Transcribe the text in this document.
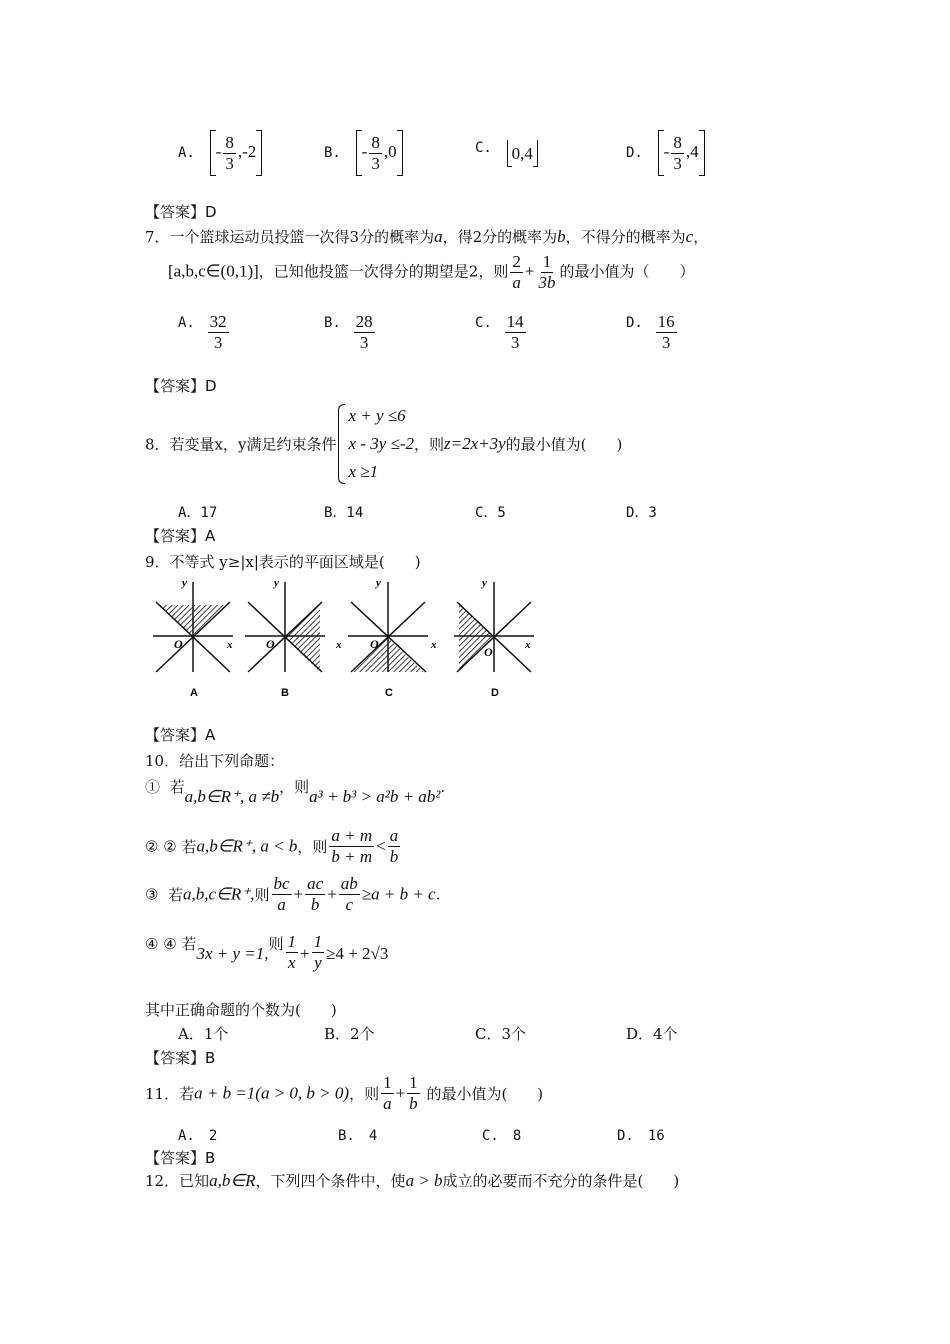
A. - $\frac{8}{3} ,-2$	B. - $\frac{8}{3} ,0$	C. 0,4	D. - $\frac{8}{3} ,4$
【答案】D
7．一个篮球运动员投篮一次得3分的概率为a，得2分的概率为b，不得分的概率为c，
[a,b,c∈(0,1)]，已知他投篮一次得分的期望是2，则 $\frac{2}{a} + \frac{1}{3b}$ 的最小值为（　　）
A. $\frac{32}{3}$	B. $\frac{28}{3}$	C. $\frac{14}{3}$	D. $\frac{16}{3}$
【答案】D
8．若变量x，y满足约束条件
x + y ≤6
x - 3y ≤-2
x ≥1
，则z=2x+3y的最小值为(　　)
A．17	B．14	C．5	D．3
【答案】A
9．不等式 y≥|x|表示的平面区域是(　　)
y
x
O
A
y
x
O
B
y
x
O
C
y
x
O
D
【答案】A
10．给出下列命题：
① 若a,b∈R⁺, a ≠b，则a³ + b³ > a²b + ab².
② ② 若a,b∈R⁺, a < b，则 $\frac{a + m}{b + m} < \frac{a}{b}$
③ 若a,b,c∈R⁺,则 $\frac{bc}{a} + \frac{ac}{b} + \frac{ab}{c} \ge a + b + c$.
④ ④ 若3x + y =1,则 $\frac{1}{x} + \frac{1}{y} \ge 4 + 2√3$
其中正确命题的个数为(　　)
A．1个	B．2个	C．3个	D．4个
【答案】B
11．若a + b =1(a > 0, b > 0)，则 $\frac{1}{a} + \frac{1}{b}$ 的最小值为(　　)
A.　2	B.　4	C.　8	D.　16
【答案】B
12．已知a,b∈R，下列四个条件中，使a > b成立的必要而不充分的条件是(　　)
